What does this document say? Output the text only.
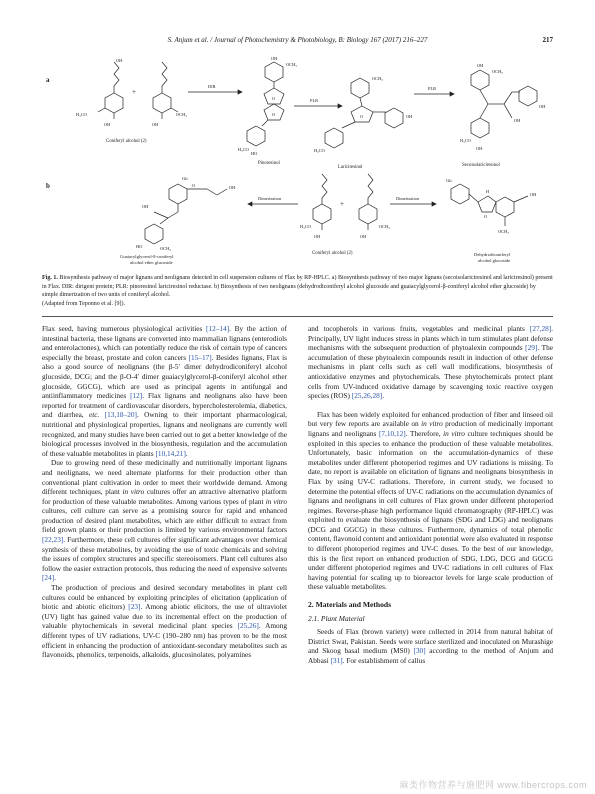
S. Anjum et al. / Journal of Photochemistry & Photobiology, B: Biology 167 (2017) 216–227	217
a
OH
H₃CO
OH
+
OH
OCH₃
Coniferyl alcohol (2)
DIR
OCH₃
OH
H₃CO
HO
O
O
Pinoresinol
PLR
OCH₃
OH
H₃CO
O
Lariciresinol
PLR
OCH₃
OH
OH
OH
H₃CO
OH
Secoisolariciresinol
b	O
OH
OH
HO	OCH₃
Glc
Guaiacylglycerol-8-coniferyl
alcohol ether glucoside
Dimerization
OH	OH
H₃CO	OCH₃
+
Coniferyl alcohol (2)
Dimerization
Glc
H
O
OH
OCH₃
Dehydrodiconiferyl
alcohol glucoside
Fig. 1. Biosynthesis pathway of major lignans and neolignans detected in cell suspension cultures of Flax by RP-HPLC. a) Biosynthesis pathway of two major lignans (secoisolariciresinol and lariciresinol) present in Flax. DIR: dirigent protein; PLR: pinoresinol lariciresinol reductase. b) Biosynthesis of two neolignans (dehydrodiconiferyl alcohol glucoside and guaiacylglycerol-β-coniferyl alcohol ether glucoside) by simple dimerization of two units of coniferyl alcohol.
(Adapted from Teponno et al. [9]).

Flax seed, having numerous physiological activities [12–14]. By the action of intestinal bacteria, these lignans are converted into mammalian lignans (enterodiols and enterolactones), which can potentially reduce the risk of certain type of cancers especially the breast, prostate and colon cancers [15–17]. Besides lignans, Flax is also a good source of neolignans (the β-5′ dimer dehydrodiconiferyl alcohol glucoside, DCG; and the β-O-4′ dimer guaiacylglycerol-β-coniferyl alcohol ether glucoside, GGCG), which are used as principal agents in antifungal and antiinflammatory medicines [12]. Flax lignans and neolignans also have been reported for treatment of cardiovascular disorders, hypercholesterolemia, diabetics, and diarrhea, etc. [13,18–20]. Owning to their important pharmacological, nutritional and physiological properties, lignans and neolignans are currently well recognized, and many studies have been carried out to get a better knowledge of the biological processes involved in the biosynthesis, regulation and the accumulation of these valuable metabolites in plants [10,14,21].

Due to growing need of these medicinally and nutritionally important lignans and neolignans, we need alternate platforms for their production other than conventional plant cultivation in order to meet their worldwide demand. Among different techniques, plant in vitro cultures offer an attractive alternative platform for production of these valuable metabolites. Among various types of plant in vitro cultures, cell culture can serve as a promising source for rapid and enhanced production of desired plant metabolites, which are either difficult to extract from field grown plants or their production is limited by various environmental factors [22,23]. Furthermore, these cell cultures offer significant advantages over chemical synthesis of these metabolites, by avoiding the use of toxic chemicals and solving the issues of complex structures and specific stereoisomers. Plant cell cultures also follow the easier extraction protocols, thus reducing the need of expensive solvents [24].

The production of precious and desired secondary metabolites in plant cell cultures could be enhanced by exploiting principles of elicitation (application of biotic and abiotic elicitors) [23]. Among abiotic elicitors, the use of ultraviolet (UV) light has gained value due to its incremental effect on the production of valuable phytochemicals in several medicinal plant species [25,26]. Among different types of UV radiations, UV-C (190–280 nm) has proven to be the most efficient in enhancing the production of antioxidant-secondary metabolites such as flavonoids, phenolics, terpenoids, alkaloids, glucosinolates, polyamines

and tocopherols in various fruits, vegetables and medicinal plants [27,28]. Principally, UV light induces stress in plants which in turn stimulates plant defense mechanisms with the subsequent production of phytoalexin compounds [29]. The accumulation of these phytoalexin compounds result in induction of other defense mechanisms in plant cells such as cell wall modifications, biosynthesis of antioxidative enzymes and phytochemicals. These phytochemicals protect plant cells from UV-induced oxidative damage by scavenging toxic reactive oxygen species (ROS) [25,26,28].

Flax has been widely exploited for enhanced production of fiber and linseed oil but very few reports are available on in vitro production of medicinally important lignans and neolignans [7,10,12]. Therefore, in vitro culture techniques should be exploited in this species to enhance the production of these valuable metabolites. Unfortunately, basic information on the accumulation-dynamics of these metabolites under different photoperiod regimes and UV radiations is missing. To date, no report is available on elicitation of lignans and neolignans biosynthesis in Flax by using UV-C radiations. Therefore, in current study, we focused to determine the potential effects of UV-C radiations on the accumulation dynamics of lignans and neolignans in cell cultures of Flax grown under different photoperiod regimes. Reverse-phase high performance liquid chromatography (RP-HPLC) was exploited to evaluate the biosynthesis of lignans (SDG and LDG) and neolignans (DCG and GGCG) in these cultures. Furthermore, dynamics of total phenolic content, flavonoid content and antioxidant potential were also evaluated in response to different photoperiod regimes and UV-C doses. To the best of our knowledge, this is the first report on enhanced production of SDG, LDG, DCG and GGCG under different photoperiod regimes and UV-C radiations in cell cultures of Flax having potential for scaling up to bioreactor levels for large scale production of these valuable metabolites.

2. Materials and Methods
2.1. Plant Material

Seeds of Flax (brown variety) were collected in 2014 from natural habitat of District Swat, Pakistan. Seeds were surface sterilized and inoculated on Murashige and Skoog basal medium (MS0) [30] according to the method of Anjum and Abbasi [31]. For establishment of callus

麻类作物营养与施肥网 www.fibercrops.com
